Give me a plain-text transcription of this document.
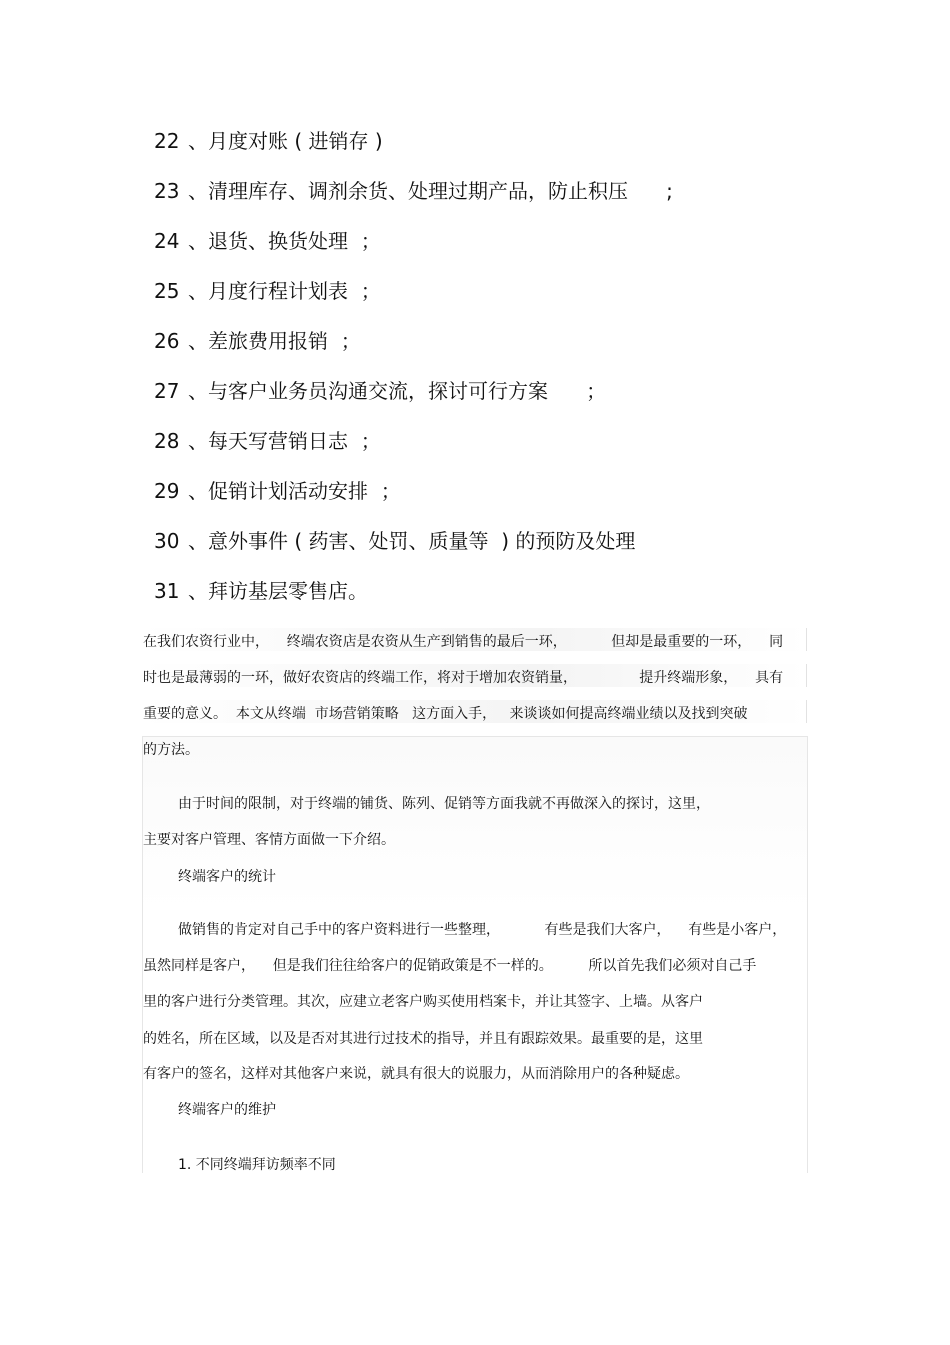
22 、月度对账 ( 进销存 )
23 、清理库存、调剂余货、处理过期产品，防止积压      ;
24 、退货、换货处理  ；
25 、月度行程计划表  ；
26 、差旅费用报销  ；
27 、与客户业务员沟通交流，探讨可行方案      ；
28 、每天写营销日志  ；
29 、促销计划活动安排  ；
30 、意外事件 ( 药害、处罚、质量等  ) 的预防及处理
31 、拜访基层零售店。
在我们农资行业中，    终端农资店是农资从生产到销售的最后一环，          但却是最重要的一环，    同
时也是最薄弱的一环，做好农资店的终端工作，将对于增加农资销量，              提升终端形象，    具有
重要的意义。  本文从终端  市场营销策略   这方面入手，   来谈谈如何提高终端业绩以及找到突破
的方法。
由于时间的限制，对于终端的铺货、陈列、促销等方面我就不再做深入的探讨，这里，
主要对客户管理、客情方面做一下介绍。
终端客户的统计
做销售的肯定对自己手中的客户资料进行一些整理，          有些是我们大客户，    有些是小客户，
虽然同样是客户，    但是我们往往给客户的促销政策是不一样的。        所以首先我们必须对自己手
里的客户进行分类管理。其次，应建立老客户购买使用档案卡，并让其签字、上墙。从客户
的姓名，所在区域，以及是否对其进行过技术的指导，并且有跟踪效果。最重要的是，这里
有客户的签名，这样对其他客户来说，就具有很大的说服力，从而消除用户的各种疑虑。
终端客户的维护
1. 不同终端拜访频率不同
